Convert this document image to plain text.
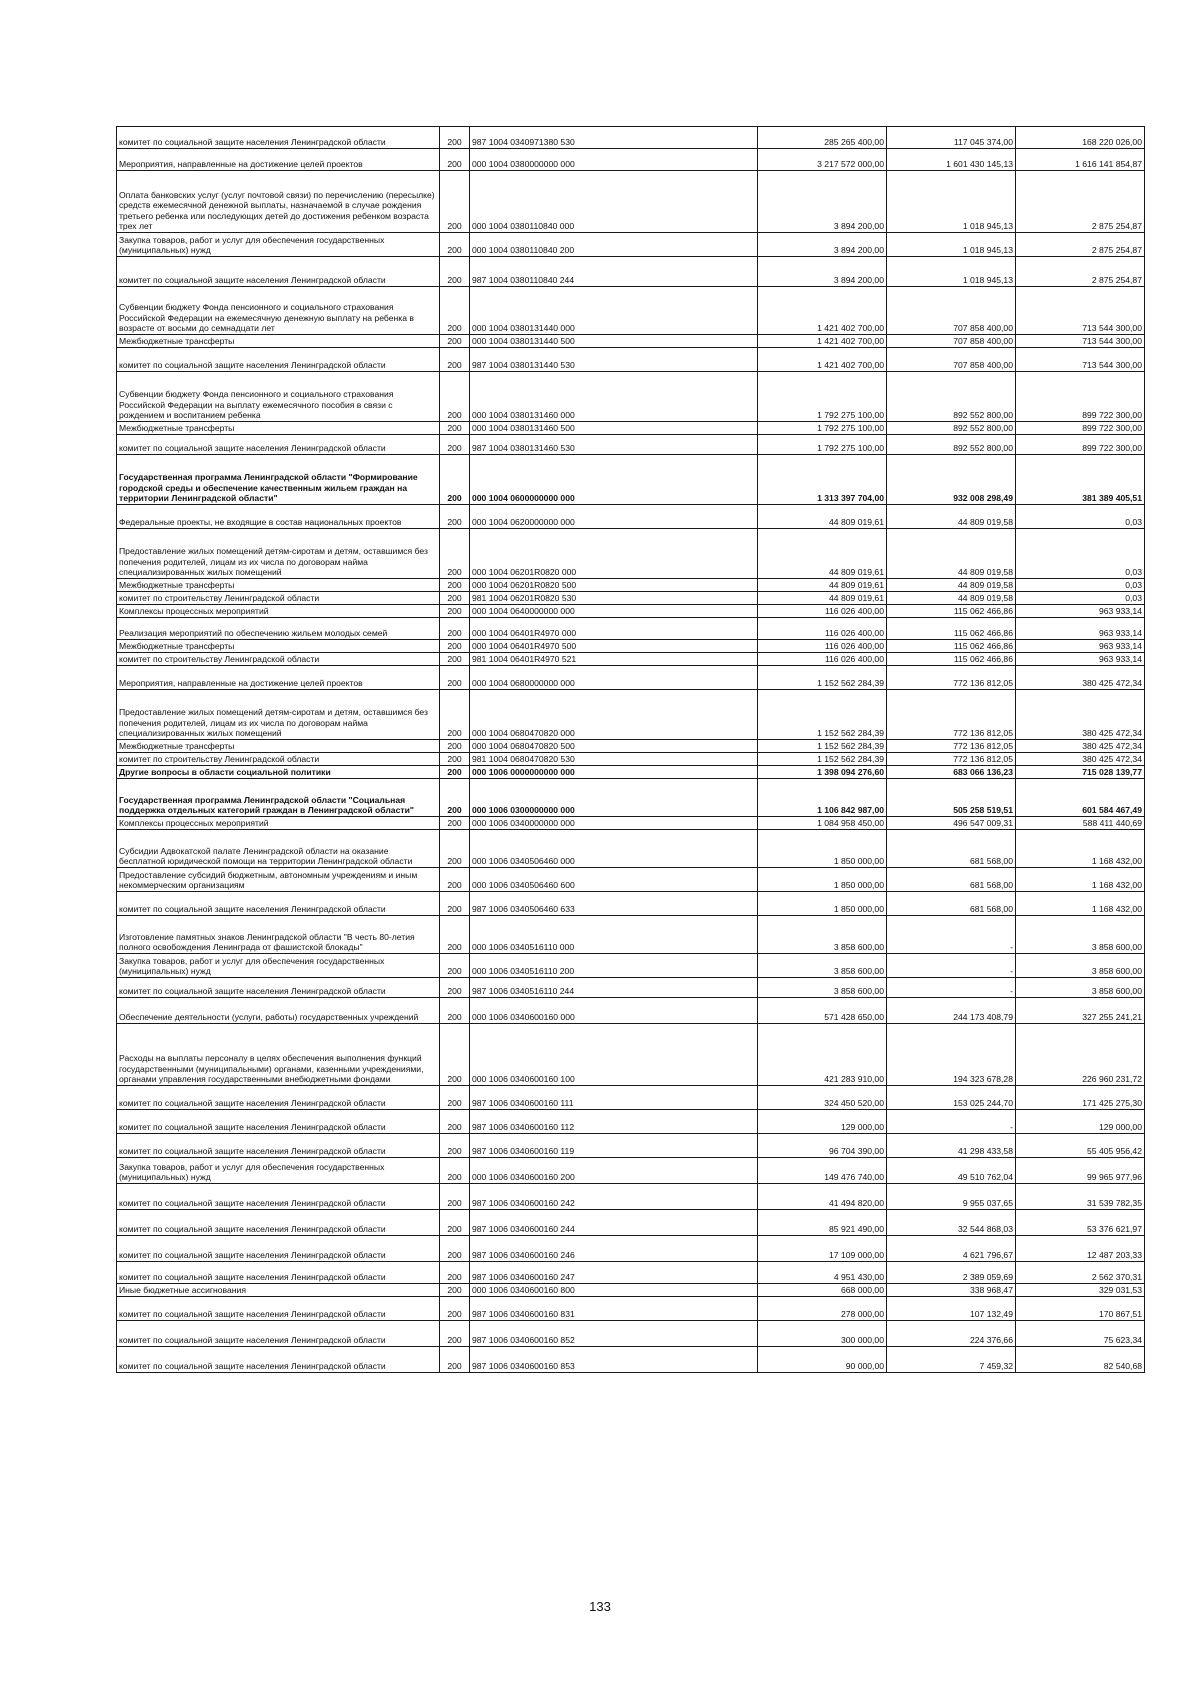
комитет по социальной защите населения Ленинградской области	200	987 1004 0340971380 530	285 265 400,00	117 045 374,00	168 220 026,00
Мероприятия, направленные на достижение целей проектов	200	000 1004 0380000000 000	3 217 572 000,00	1 601 430 145,13	1 616 141 854,87
Оплата банковских услуг (услуг почтовой связи) по перечислению (пересылке) средств ежемесячной денежной выплаты, назначаемой в случае рождения третьего ребенка или последующих детей до достижения ребенком возраста трех лет	200	000 1004 0380110840 000	3 894 200,00	1 018 945,13	2 875 254,87
Закупка товаров, работ и услуг для обеспечения государственных (муниципальных) нужд	200	000 1004 0380110840 200	3 894 200,00	1 018 945,13	2 875 254,87
комитет по социальной защите населения Ленинградской области	200	987 1004 0380110840 244	3 894 200,00	1 018 945,13	2 875 254,87
Субвенции бюджету Фонда пенсионного и социального страхования Российской Федерации на ежемесячную денежную выплату на ребенка в возрасте от восьми до семнадцати лет	200	000 1004 0380131440 000	1 421 402 700,00	707 858 400,00	713 544 300,00
Межбюджетные трансферты	200	000 1004 0380131440 500	1 421 402 700,00	707 858 400,00	713 544 300,00
комитет по социальной защите населения Ленинградской области	200	987 1004 0380131440 530	1 421 402 700,00	707 858 400,00	713 544 300,00
Субвенции бюджету Фонда пенсионного и социального страхования Российской Федерации на выплату ежемесячного пособия в связи с рождением и воспитанием ребенка	200	000 1004 0380131460 000	1 792 275 100,00	892 552 800,00	899 722 300,00
Межбюджетные трансферты	200	000 1004 0380131460 500	1 792 275 100,00	892 552 800,00	899 722 300,00
комитет по социальной защите населения Ленинградской области	200	987 1004 0380131460 530	1 792 275 100,00	892 552 800,00	899 722 300,00
Государственная программа Ленинградской области "Формирование городской среды и обеспечение качественным жильем граждан на территории Ленинградской области"	200	000 1004 0600000000 000	1 313 397 704,00	932 008 298,49	381 389 405,51
Федеральные проекты, не входящие в состав национальных проектов	200	000 1004 0620000000 000	44 809 019,61	44 809 019,58	0,03
Предоставление жилых помещений детям-сиротам и детям, оставшимся без попечения родителей, лицам из их числа по договорам найма специализированных жилых помещений	200	000 1004 06201R0820 000	44 809 019,61	44 809 019,58	0,03
Межбюджетные трансферты	200	000 1004 06201R0820 500	44 809 019,61	44 809 019,58	0,03
комитет по строительству Ленинградской области	200	981 1004 06201R0820 530	44 809 019,61	44 809 019,58	0,03
Комплексы процессных мероприятий	200	000 1004 0640000000 000	116 026 400,00	115 062 466,86	963 933,14
Реализация мероприятий по обеспечению жильем молодых семей	200	000 1004 06401R4970 000	116 026 400,00	115 062 466,86	963 933,14
Межбюджетные трансферты	200	000 1004 06401R4970 500	116 026 400,00	115 062 466,86	963 933,14
комитет по строительству Ленинградской области	200	981 1004 06401R4970 521	116 026 400,00	115 062 466,86	963 933,14
Мероприятия, направленные на достижение целей проектов	200	000 1004 0680000000 000	1 152 562 284,39	772 136 812,05	380 425 472,34
Предоставление жилых помещений детям-сиротам и детям, оставшимся без попечения родителей, лицам из их числа по договорам найма специализированных жилых помещений	200	000 1004 0680470820 000	1 152 562 284,39	772 136 812,05	380 425 472,34
Межбюджетные трансферты	200	000 1004 0680470820 500	1 152 562 284,39	772 136 812,05	380 425 472,34
комитет по строительству Ленинградской области	200	981 1004 0680470820 530	1 152 562 284,39	772 136 812,05	380 425 472,34
Другие вопросы в области социальной политики	200	000 1006 0000000000 000	1 398 094 276,60	683 066 136,23	715 028 139,77
Государственная программа Ленинградской области "Социальная поддержка отдельных категорий граждан в Ленинградской области"	200	000 1006 0300000000 000	1 106 842 987,00	505 258 519,51	601 584 467,49
Комплексы процессных мероприятий	200	000 1006 0340000000 000	1 084 958 450,00	496 547 009,31	588 411 440,69
Субсидии Адвокатской палате Ленинградской области на оказание бесплатной юридической помощи на территории Ленинградской области	200	000 1006 0340506460 000	1 850 000,00	681 568,00	1 168 432,00
Предоставление субсидий бюджетным, автономным учреждениям и иным некоммерческим организациям	200	000 1006 0340506460 600	1 850 000,00	681 568,00	1 168 432,00
комитет по социальной защите населения Ленинградской области	200	987 1006 0340506460 633	1 850 000,00	681 568,00	1 168 432,00
Изготовление памятных знаков Ленинградской области "В честь 80-летия полного освобождения Ленинграда от фашистской блокады"	200	000 1006 0340516110 000	3 858 600,00	-	3 858 600,00
Закупка товаров, работ и услуг для обеспечения государственных (муниципальных) нужд	200	000 1006 0340516110 200	3 858 600,00	-	3 858 600,00
комитет по социальной защите населения Ленинградской области	200	987 1006 0340516110 244	3 858 600,00	-	3 858 600,00
Обеспечение деятельности (услуги, работы) государственных учреждений	200	000 1006 0340600160 000	571 428 650,00	244 173 408,79	327 255 241,21
Расходы на выплаты персоналу в целях обеспечения выполнения функций государственными (муниципальными) органами, казенными учреждениями, органами управления государственными внебюджетными фондами	200	000 1006 0340600160 100	421 283 910,00	194 323 678,28	226 960 231,72
комитет по социальной защите населения Ленинградской области	200	987 1006 0340600160 111	324 450 520,00	153 025 244,70	171 425 275,30
комитет по социальной защите населения Ленинградской области	200	987 1006 0340600160 112	129 000,00	-	129 000,00
комитет по социальной защите населения Ленинградской области	200	987 1006 0340600160 119	96 704 390,00	41 298 433,58	55 405 956,42
Закупка товаров, работ и услуг для обеспечения государственных (муниципальных) нужд	200	000 1006 0340600160 200	149 476 740,00	49 510 762,04	99 965 977,96
комитет по социальной защите населения Ленинградской области	200	987 1006 0340600160 242	41 494 820,00	9 955 037,65	31 539 782,35
комитет по социальной защите населения Ленинградской области	200	987 1006 0340600160 244	85 921 490,00	32 544 868,03	53 376 621,97
комитет по социальной защите населения Ленинградской области	200	987 1006 0340600160 246	17 109 000,00	4 621 796,67	12 487 203,33
комитет по социальной защите населения Ленинградской области	200	987 1006 0340600160 247	4 951 430,00	2 389 059,69	2 562 370,31
Иные бюджетные ассигнования	200	000 1006 0340600160 800	668 000,00	338 968,47	329 031,53
комитет по социальной защите населения Ленинградской области	200	987 1006 0340600160 831	278 000,00	107 132,49	170 867,51
комитет по социальной защите населения Ленинградской области	200	987 1006 0340600160 852	300 000,00	224 376,66	75 623,34
комитет по социальной защите населения Ленинградской области	200	987 1006 0340600160 853	90 000,00	7 459,32	82 540,68
133
